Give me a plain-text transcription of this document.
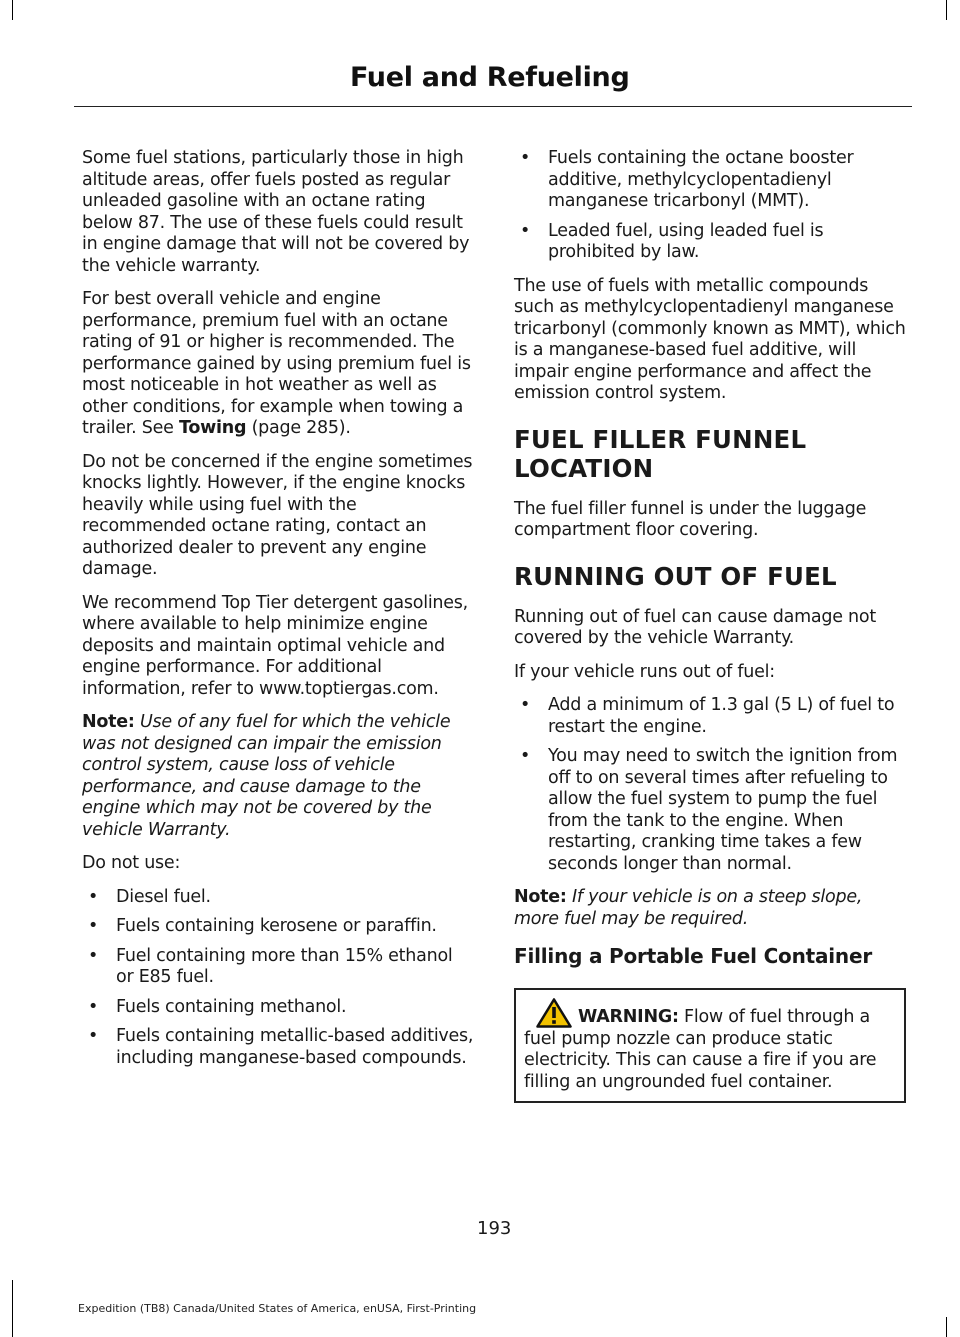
Fuel and Refueling

Some fuel stations, particularly those in high altitude areas, offer fuels posted as regular unleaded gasoline with an octane rating below 87. The use of these fuels could result in engine damage that will not be covered by the vehicle warranty.

For best overall vehicle and engine performance, premium fuel with an octane rating of 91 or higher is recommended. The performance gained by using premium fuel is most noticeable in hot weather as well as other conditions, for example when towing a trailer. See Towing (page 285).

Do not be concerned if the engine sometimes knocks lightly. However, if the engine knocks heavily while using fuel with the recommended octane rating, contact an authorized dealer to prevent any engine damage.

We recommend Top Tier detergent gasolines, where available to help minimize engine deposits and maintain optimal vehicle and engine performance. For additional information, refer to www.toptiergas.com.

Note: Use of any fuel for which the vehicle was not designed can impair the emission control system, cause loss of vehicle performance, and cause damage to the engine which may not be covered by the vehicle Warranty.

Do not use:

• Diesel fuel.
• Fuels containing kerosene or paraffin.
• Fuel containing more than 15% ethanol or E85 fuel.
• Fuels containing methanol.
• Fuels containing metallic-based additives, including manganese-based compounds.
• Fuels containing the octane booster additive, methylcyclopentadienyl manganese tricarbonyl (MMT).
• Leaded fuel, using leaded fuel is prohibited by law.

The use of fuels with metallic compounds such as methylcyclopentadienyl manganese tricarbonyl (commonly known as MMT), which is a manganese-based fuel additive, will impair engine performance and affect the emission control system.

FUEL FILLER FUNNEL
LOCATION

The fuel filler funnel is under the luggage compartment floor covering.

RUNNING OUT OF FUEL

Running out of fuel can cause damage not covered by the vehicle Warranty.

If your vehicle runs out of fuel:

• Add a minimum of 1.3 gal (5 L) of fuel to restart the engine.
• You may need to switch the ignition from off to on several times after refueling to allow the fuel system to pump the fuel from the tank to the engine. When restarting, cranking time takes a few seconds longer than normal.

Note: If your vehicle is on a steep slope, more fuel may be required.

Filling a Portable Fuel Container
WARNING: Flow of fuel through a fuel pump nozzle can produce static electricity. This can cause a fire if you are filling an ungrounded fuel container.
193
Expedition (TB8) Canada/United States of America, enUSA, First-Printing
